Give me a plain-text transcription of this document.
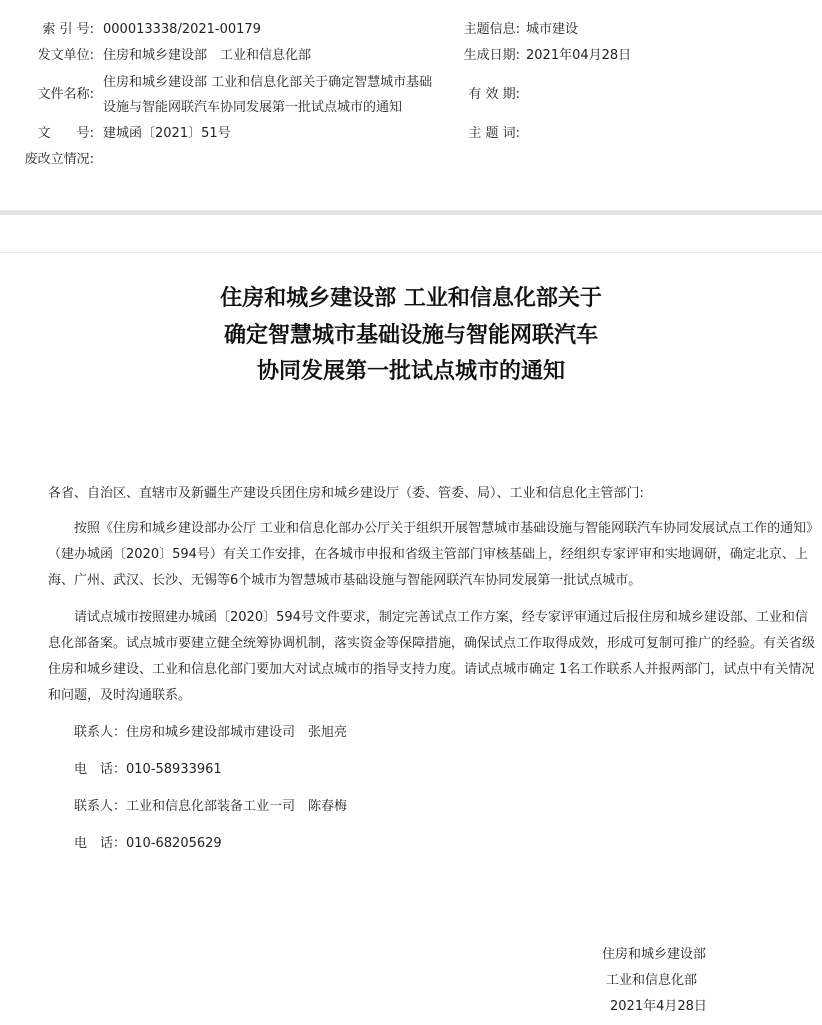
索 引 号: 000013338/2021-00179
发文单位: 住房和城乡建设部　工业和信息化部
文件名称:
住房和城乡建设部 工业和信息化部关于确定智慧城市基础
设施与智能网联汽车协同发展第一批试点城市的通知
文　　号: 建城函〔2021〕51号
废改立情况:
主题信息: 城市建设
生成日期: 2021年04月28日
有 效 期:
主 题 词:
住房和城乡建设部 工业和信息化部关于
确定智慧城市基础设施与智能网联汽车
协同发展第一批试点城市的通知
各省、自治区、直辖市及新疆生产建设兵团住房和城乡建设厅（委、管委、局）、工业和信息化主管部门:
按照《住房和城乡建设部办公厅 工业和信息化部办公厅关于组织开展智慧城市基础设施与智能网联汽车协同发展试点工作的通知》（建办城函〔2020〕594号）有关工作安排，在各城市申报和省级主管部门审核基础上，经组织专家评审和实地调研，确定北京、上海、广州、武汉、长沙、无锡等6个城市为智慧城市基础设施与智能网联汽车协同发展第一批试点城市。
请试点城市按照建办城函〔2020〕594号文件要求，制定完善试点工作方案，经专家评审通过后报住房和城乡建设部、工业和信息化部备案。试点城市要建立健全统筹协调机制，落实资金等保障措施，确保试点工作取得成效，形成可复制可推广的经验。有关省级住房和城乡建设、工业和信息化部门要加大对试点城市的指导支持力度。请试点城市确定 1名工作联系人并报两部门，试点中有关情况和问题，及时沟通联系。
联系人：住房和城乡建设部城市建设司　张旭亮
电　话：010-58933961
联系人：工业和信息化部装备工业一司　陈春梅
电　话：010-68205629
住房和城乡建设部
工业和信息化部
2021年4月28日
